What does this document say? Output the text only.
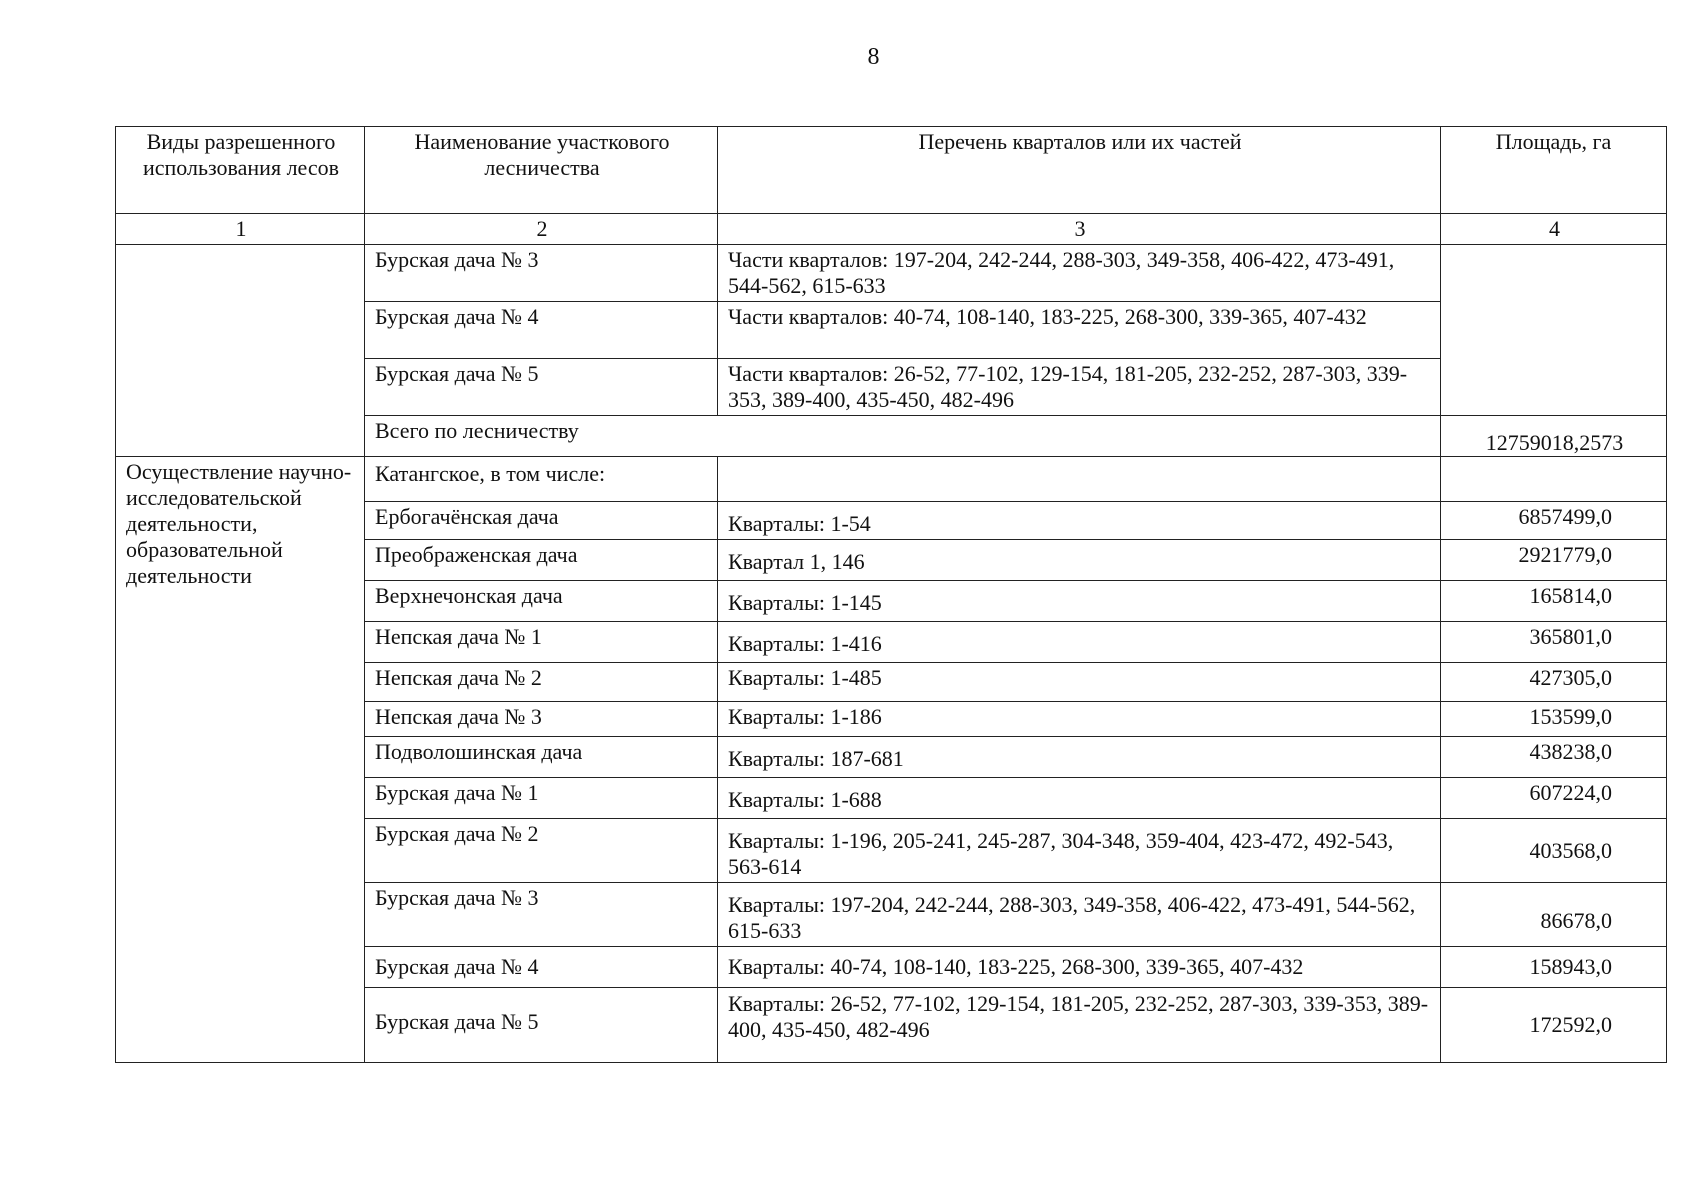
8
Виды разрешенного использования лесов	Наименование участкового лесничества	Перечень кварталов или их частей	Площадь, га
1	2	3	4
	Бурская дача № 3	Части кварталов: 197-204, 242-244, 288-303, 349-358, 406-422, 473-491, 544-562, 615-633	
	Бурская дача № 4	Части кварталов: 40-74, 108-140, 183-225, 268-300, 339-365, 407-432	
	Бурская дача № 5	Части кварталов: 26-52, 77-102, 129-154, 181-205, 232-252, 287-303, 339-353, 389-400, 435-450, 482-496	
	Всего по лесничеству		12759018,2573
Осуществление научно-исследовательской деятельности, образовательной деятельности	Катангское, в том числе:		
	Ербогачёнская дача	Кварталы: 1-54	6857499,0
	Преображенская дача	Квартал 1, 146	2921779,0
	Верхнечонская дача	Кварталы: 1-145	165814,0
	Непская дача № 1	Кварталы: 1-416	365801,0
	Непская дача № 2	Кварталы: 1-485	427305,0
	Непская дача № 3	Кварталы: 1-186	153599,0
	Подволошинская дача	Кварталы: 187-681	438238,0
	Бурская дача № 1	Кварталы: 1-688	607224,0
	Бурская дача № 2	Кварталы: 1-196, 205-241, 245-287, 304-348, 359-404, 423-472, 492-543, 563-614	403568,0
	Бурская дача № 3	Кварталы: 197-204, 242-244, 288-303, 349-358, 406-422, 473-491, 544-562, 615-633	86678,0
	Бурская дача № 4	Кварталы: 40-74, 108-140, 183-225, 268-300, 339-365, 407-432	158943,0
	Бурская дача № 5	Кварталы: 26-52, 77-102, 129-154, 181-205, 232-252, 287-303, 339-353, 389-400, 435-450, 482-496	172592,0
